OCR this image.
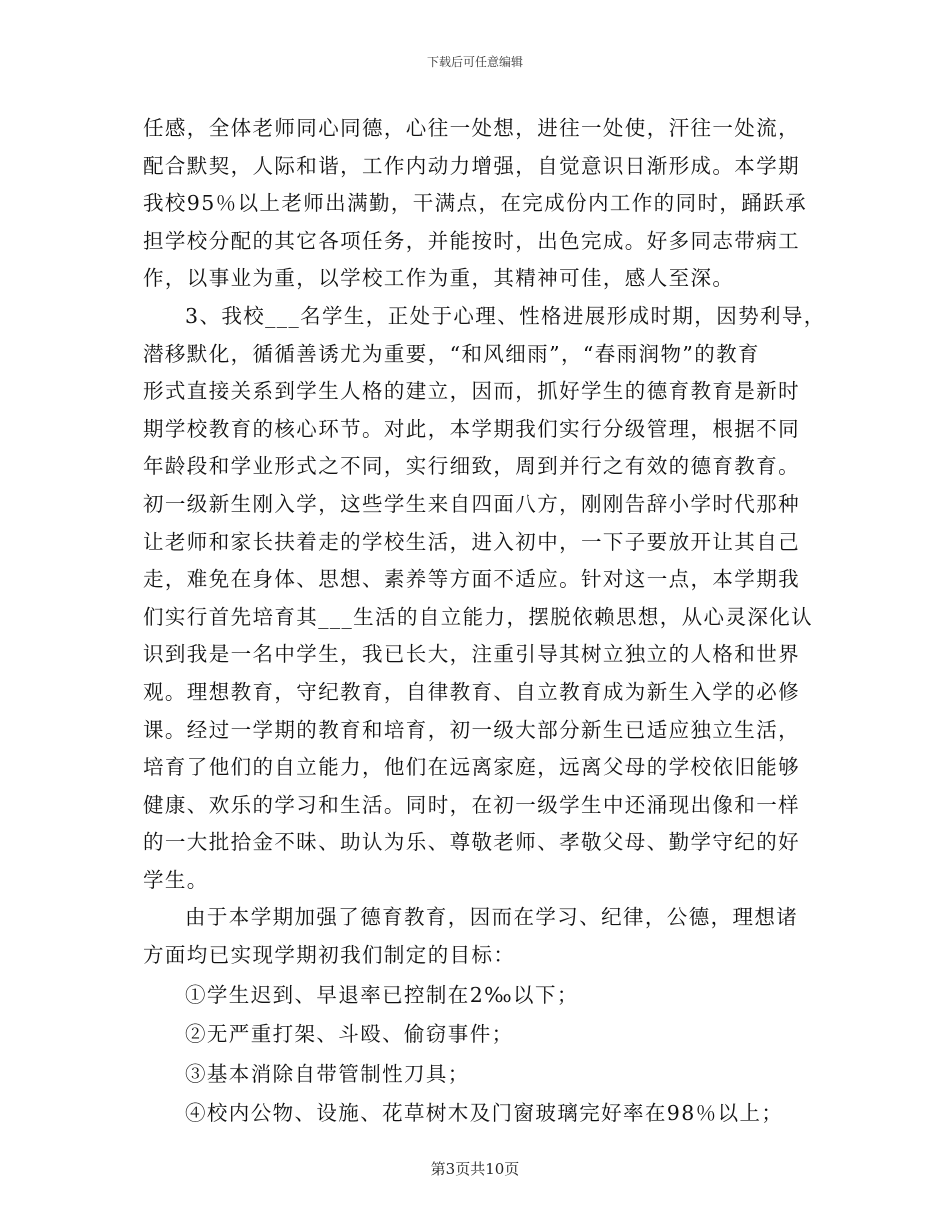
下载后可任意编辑
任感，全体老师同心同德，心往一处想，进往一处使，汗往一处流，
配合默契，人际和谐，工作内动力增强，自觉意识日渐形成。本学期
我校95％以上老师出满勤，干满点，在完成份内工作的同时，踊跃承
担学校分配的其它各项任务，并能按时，出色完成。好多同志带病工
作，以事业为重，以学校工作为重，其精神可佳，感人至深。
3、我校___名学生，正处于心理、性格进展形成时期，因势利导，
潜移默化，循循善诱尤为重要，“和风细雨”，“春雨润物”的教育
形式直接关系到学生人格的建立，因而，抓好学生的德育教育是新时
期学校教育的核心环节。对此，本学期我们实行分级管理，根据不同
年龄段和学业形式之不同，实行细致，周到并行之有效的德育教育。
初一级新生刚入学，这些学生来自四面八方，刚刚告辞小学时代那种
让老师和家长扶着走的学校生活，进入初中，一下子要放开让其自己
走，难免在身体、思想、素养等方面不适应。针对这一点，本学期我
们实行首先培育其___生活的自立能力，摆脱依赖思想，从心灵深化认
识到我是一名中学生，我已长大，注重引导其树立独立的人格和世界
观。理想教育，守纪教育，自律教育、自立教育成为新生入学的必修
课。经过一学期的教育和培育，初一级大部分新生已适应独立生活，
培育了他们的自立能力，他们在远离家庭，远离父母的学校依旧能够
健康、欢乐的学习和生活。同时，在初一级学生中还涌现出像和一样
的一大批拾金不昧、助认为乐、尊敬老师、孝敬父母、勤学守纪的好
学生。
由于本学期加强了德育教育，因而在学习、纪律，公德，理想诸
方面均已实现学期初我们制定的目标：
①学生迟到、早退率已控制在2‰以下；
②无严重打架、斗殴、偷窃事件；
③基本消除自带管制性刀具；
④校内公物、设施、花草树木及门窗玻璃完好率在98％以上；
第3页共10页
